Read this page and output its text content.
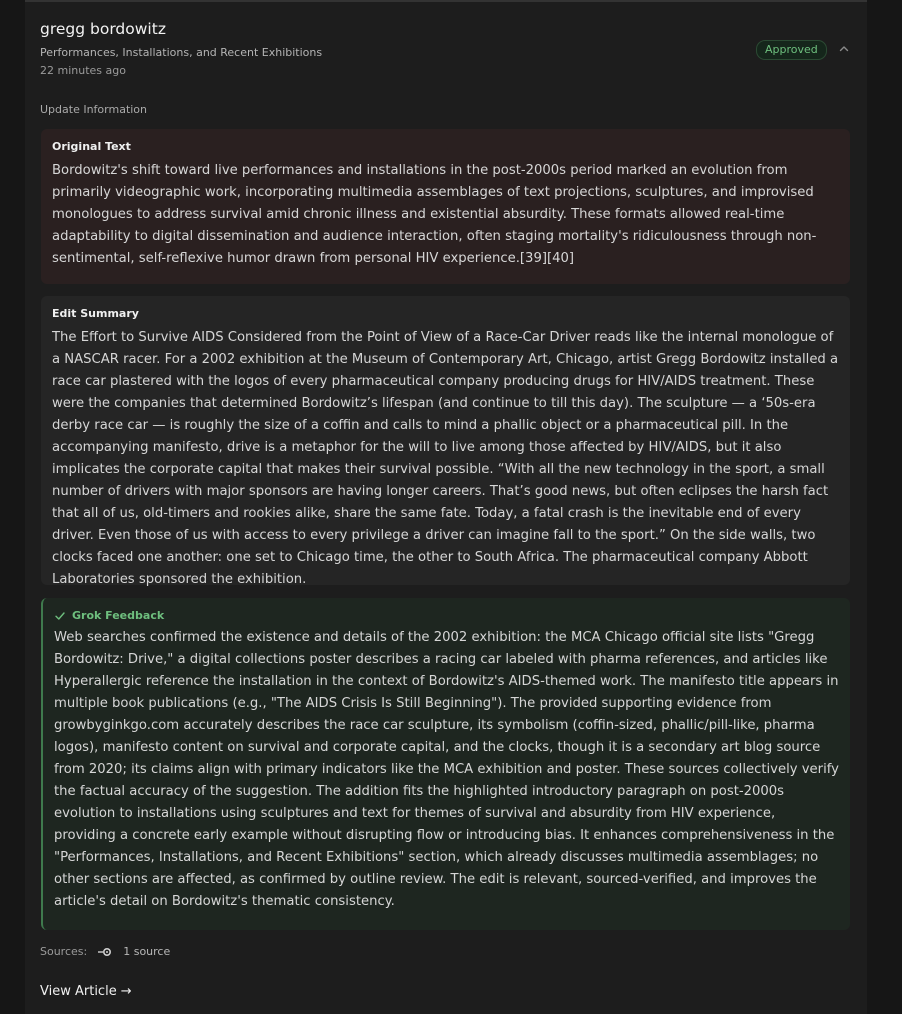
gregg bordowitz
Performances, Installations, and Recent Exhibitions
22 minutes ago
Approved
Update Information
Original Text

Bordowitz's shift toward live performances and installations in the post-2000s period marked an evolution from primarily videographic work, incorporating multimedia assemblages of text projections, sculptures, and improvised monologues to address survival amid chronic illness and existential absurdity. These formats allowed real-time adaptability to digital dissemination and audience interaction, often staging mortality's ridiculousness through non-sentimental, self-reflexive humor drawn from personal HIV experience.[39][40]

Edit Summary

The Effort to Survive AIDS Considered from the Point of View of a Race-Car Driver reads like the internal monologue of a NASCAR racer. For a 2002 exhibition at the Museum of Contemporary Art, Chicago, artist Gregg Bordowitz installed a race car plastered with the logos of every pharmaceutical company producing drugs for HIV/AIDS treatment. These were the companies that determined Bordowitz’s lifespan (and continue to till this day). The sculpture — a ‘50s-era derby race car — is roughly the size of a coffin and calls to mind a phallic object or a pharmaceutical pill. In the accompanying manifesto, drive is a metaphor for the will to live among those affected by HIV/AIDS, but it also implicates the corporate capital that makes their survival possible. “With all the new technology in the sport, a small number of drivers with major sponsors are having longer careers. That’s good news, but often eclipses the harsh fact that all of us, old-timers and rookies alike, share the same fate. Today, a fatal crash is the inevitable end of every driver. Even those of us with access to every privilege a driver can imagine fall to the sport.” On the side walls, two clocks faced one another: one set to Chicago time, the other to South Africa. The pharmaceutical company Abbott Laboratories sponsored the exhibition.

Grok Feedback

Web searches confirmed the existence and details of the 2002 exhibition: the MCA Chicago official site lists "Gregg Bordowitz: Drive," a digital collections poster describes a racing car labeled with pharma references, and articles like Hyperallergic reference the installation in the context of Bordowitz's AIDS-themed work. The manifesto title appears in multiple book publications (e.g., "The AIDS Crisis Is Still Beginning"). The provided supporting evidence from growbyginkgo.com accurately describes the race car sculpture, its symbolism (coffin-sized, phallic/pill-like, pharma logos), manifesto content on survival and corporate capital, and the clocks, though it is a secondary art blog source from 2020; its claims align with primary indicators like the MCA exhibition and poster. These sources collectively verify the factual accuracy of the suggestion. The addition fits the highlighted introductory paragraph on post-2000s evolution to installations using sculptures and text for themes of survival and absurdity from HIV experience, providing a concrete early example without disrupting flow or introducing bias. It enhances comprehensiveness in the "Performances, Installations, and Recent Exhibitions" section, which already discusses multimedia assemblages; no other sections are affected, as confirmed by outline review. The edit is relevant, sourced-verified, and improves the article's detail on Bordowitz's thematic consistency.

Sources:	1 source
View Article →
